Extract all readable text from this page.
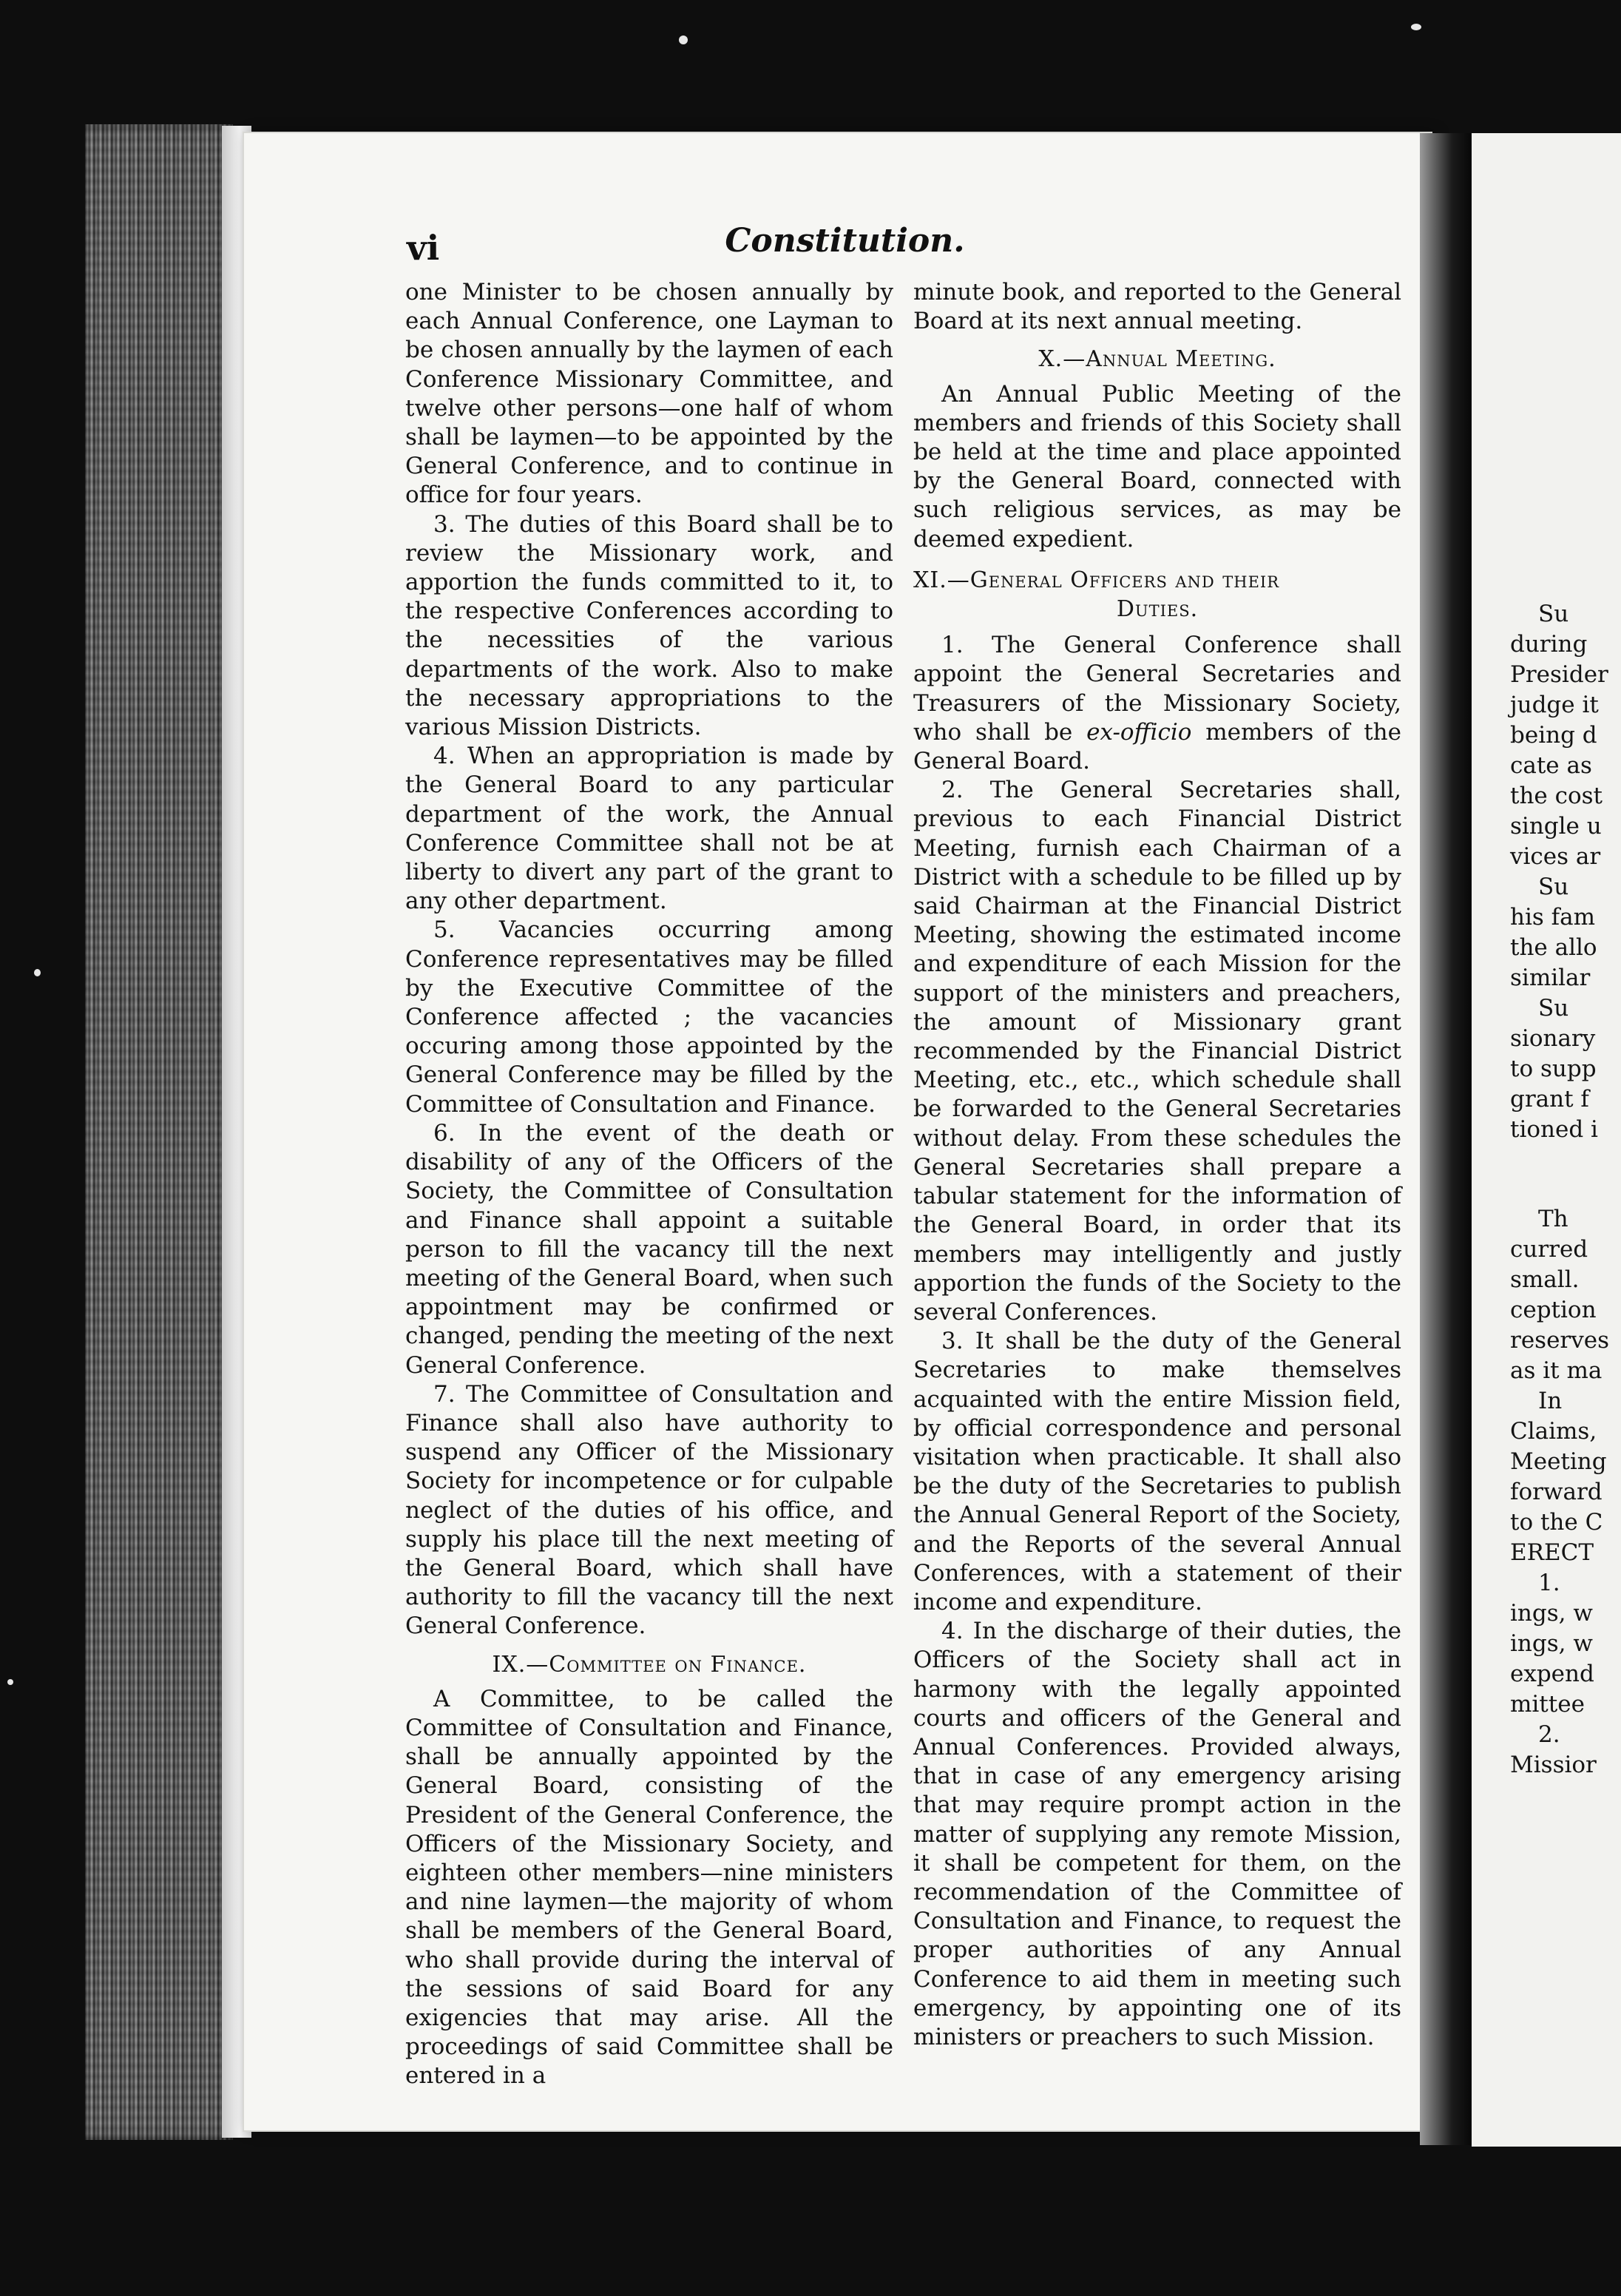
vi	Constitution.

one Minister to be chosen annually by each Annual Conference, one Layman to be chosen annually by the laymen of each Conference Missionary Committee, and twelve other persons—one half of whom shall be laymen—to be appointed by the General Conference, and to continue in office for four years.

3. The duties of this Board shall be to review the Missionary work, and apportion the funds committed to it, to the respective Conferences according to the necessities of the various departments of the work. Also to make the necessary appropriations to the various Mission Districts.

4. When an appropriation is made by the General Board to any particular department of the work, the Annual Conference Committee shall not be at liberty to divert any part of the grant to any other department.

5. Vacancies occurring among Conference representatives may be filled by the Executive Committee of the Conference affected ; the vacancies occuring among those appointed by the General Conference may be filled by the Committee of Consultation and Finance.

6. In the event of the death or disability of any of the Officers of the Society, the Committee of Consultation and Finance shall appoint a suitable person to fill the vacancy till the next meeting of the General Board, when such appointment may be confirmed or changed, pending the meeting of the next General Conference.

7. The Committee of Consultation and Finance shall also have authority to suspend any Officer of the Missionary Society for incompetence or for culpable neglect of the duties of his office, and supply his place till the next meeting of the General Board, which shall have authority to fill the vacancy till the next General Conference.

IX.—Committee on Finance.

A Committee, to be called the Committee of Consultation and Finance, shall be annually appointed by the General Board, consisting of the President of the General Conference, the Officers of the Missionary Society, and eighteen other members—nine ministers and nine laymen—the majority of whom shall be members of the General Board, who shall provide during the interval of the sessions of said Board for any exigencies that may arise. All the proceedings of said Committee shall be entered in a

minute book, and reported to the General Board at its next annual meeting.

X.—Annual Meeting.

An Annual Public Meeting of the members and friends of this Society shall be held at the time and place appointed by the General Board, connected with such religious services, as may be deemed expedient.

XI.—General Officers and their
Duties.

1. The General Conference shall appoint the General Secretaries and Treasurers of the Missionary Society, who shall be ex-officio members of the General Board.

2. The General Secretaries shall, previous to each Financial District Meeting, furnish each Chairman of a District with a schedule to be filled up by said Chairman at the Financial District Meeting, showing the estimated income and expenditure of each Mission for the support of the ministers and preachers, the amount of Missionary grant recommended by the Financial District Meeting, etc., etc., which schedule shall be forwarded to the General Secretaries without delay. From these schedules the General Secretaries shall prepare a tabular statement for the information of the General Board, in order that its members may intelligently and justly apportion the funds of the Society to the several Conferences.

3. It shall be the duty of the General Secretaries to make themselves acquainted with the entire Mission field, by official correspondence and personal visitation when practicable. It shall also be the duty of the Secretaries to publish the Annual General Report of the Society, and the Reports of the several Annual Conferences, with a statement of their income and expenditure.

4. In the discharge of their duties, the Officers of the Society shall act in harmony with the legally appointed courts and officers of the General and Annual Conferences. Provided always, that in case of any emergency arising that may require prompt action in the matter of supplying any remote Mission, it shall be competent for them, on the recommendation of the Committee of Consultation and Finance, to request the proper authorities of any Annual Conference to aid them in meeting such emergency, by appointing one of its ministers or preachers to such Mission.

Su
during
Presider
judge it
being d
cate as
the cost
single u
vices ar
Su
his fam
the allo
similar
Su
sionary
to supp
grant f
tioned i
Th
curred
small.
ception
reserves
as it ma
In
Claims,
Meeting
forward
to the C
ERECT
1.
ings, w
ings, w
expend
mittee
2.
Missior
